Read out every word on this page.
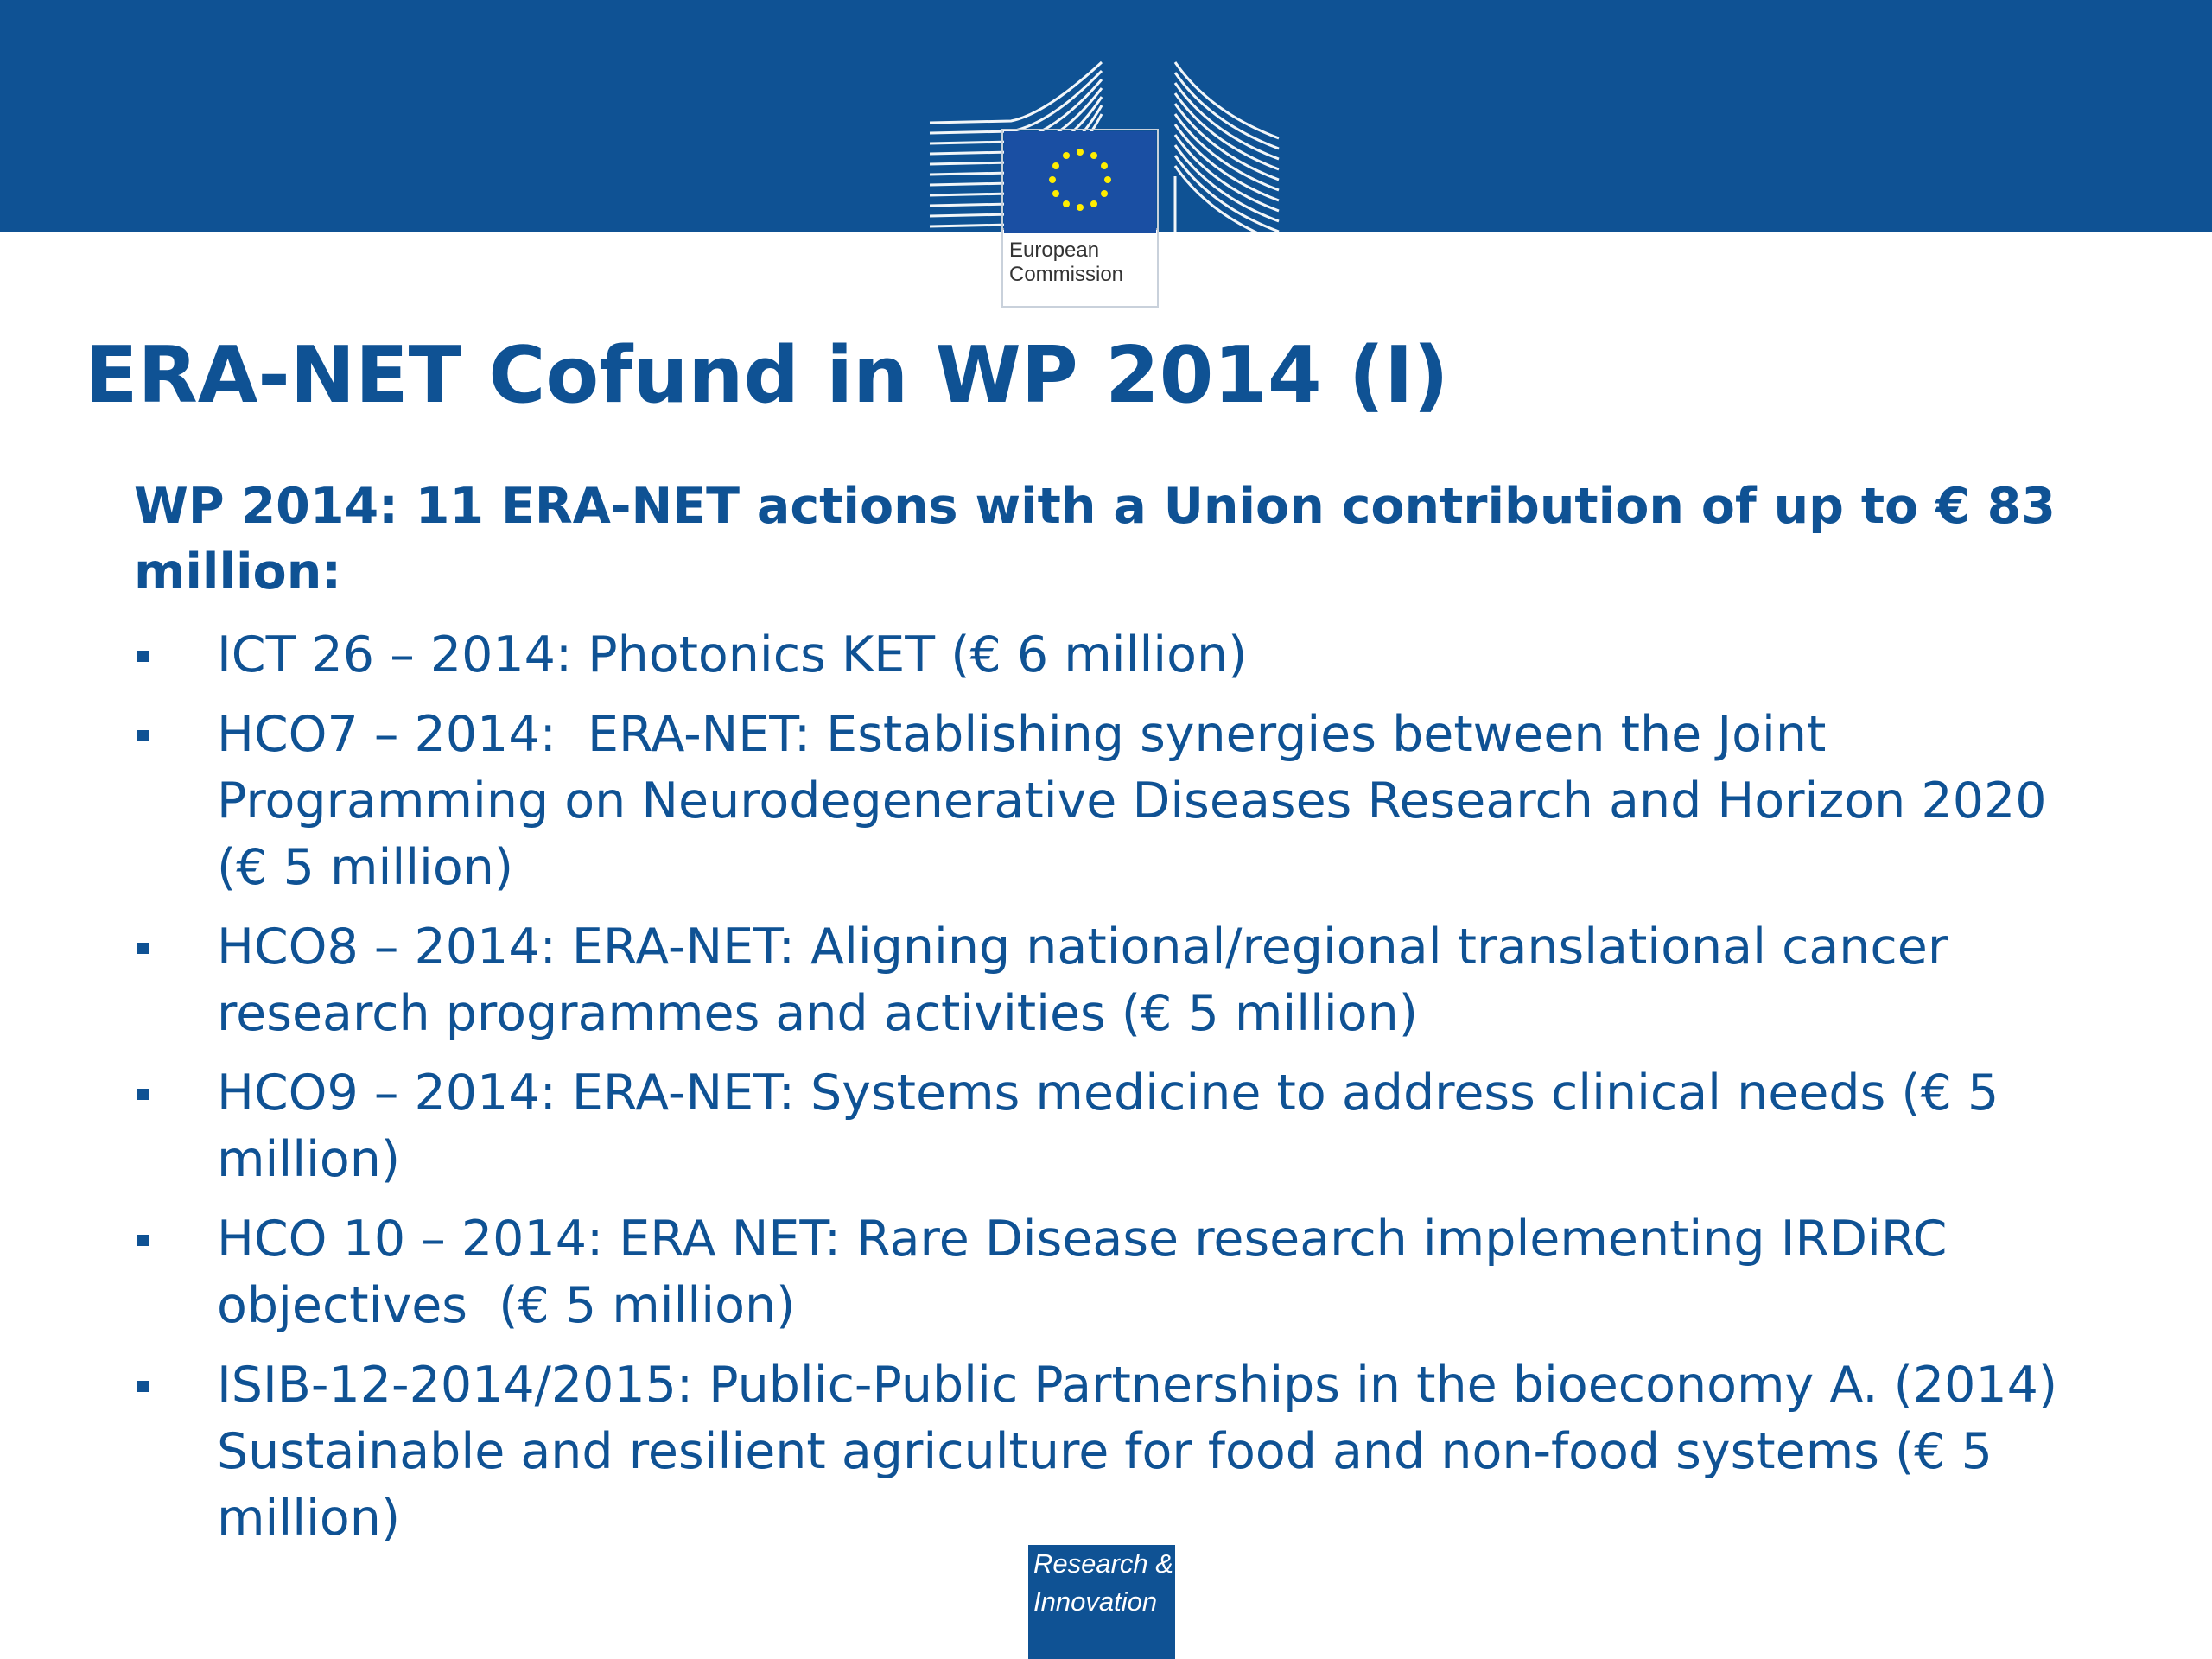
European
Commission
ERA-NET Cofund in WP 2014 (I)

WP 2014: 11 ERA-NET actions with a Union contribution of up to € 83 million:

ICT 26 – 2014: Photonics KET (€ 6 million)
HCO7 – 2014:  ERA-NET: Establishing synergies between the Joint Programming on Neurodegenerative Diseases Research and Horizon 2020 (€ 5 million)
HCO8 – 2014: ERA-NET: Aligning national/regional translational cancer research programmes and activities (€ 5 million)
HCO9 – 2014: ERA-NET: Systems medicine to address clinical needs (€ 5 million)
HCO 10 – 2014: ERA NET: Rare Disease research implementing IRDiRC objectives  (€ 5 million)
ISIB-12-2014/2015: Public-Public Partnerships in the bioeconomy A. (2014) Sustainable and resilient agriculture for food and non-food systems (€ 5 million)
Research &
Innovation
